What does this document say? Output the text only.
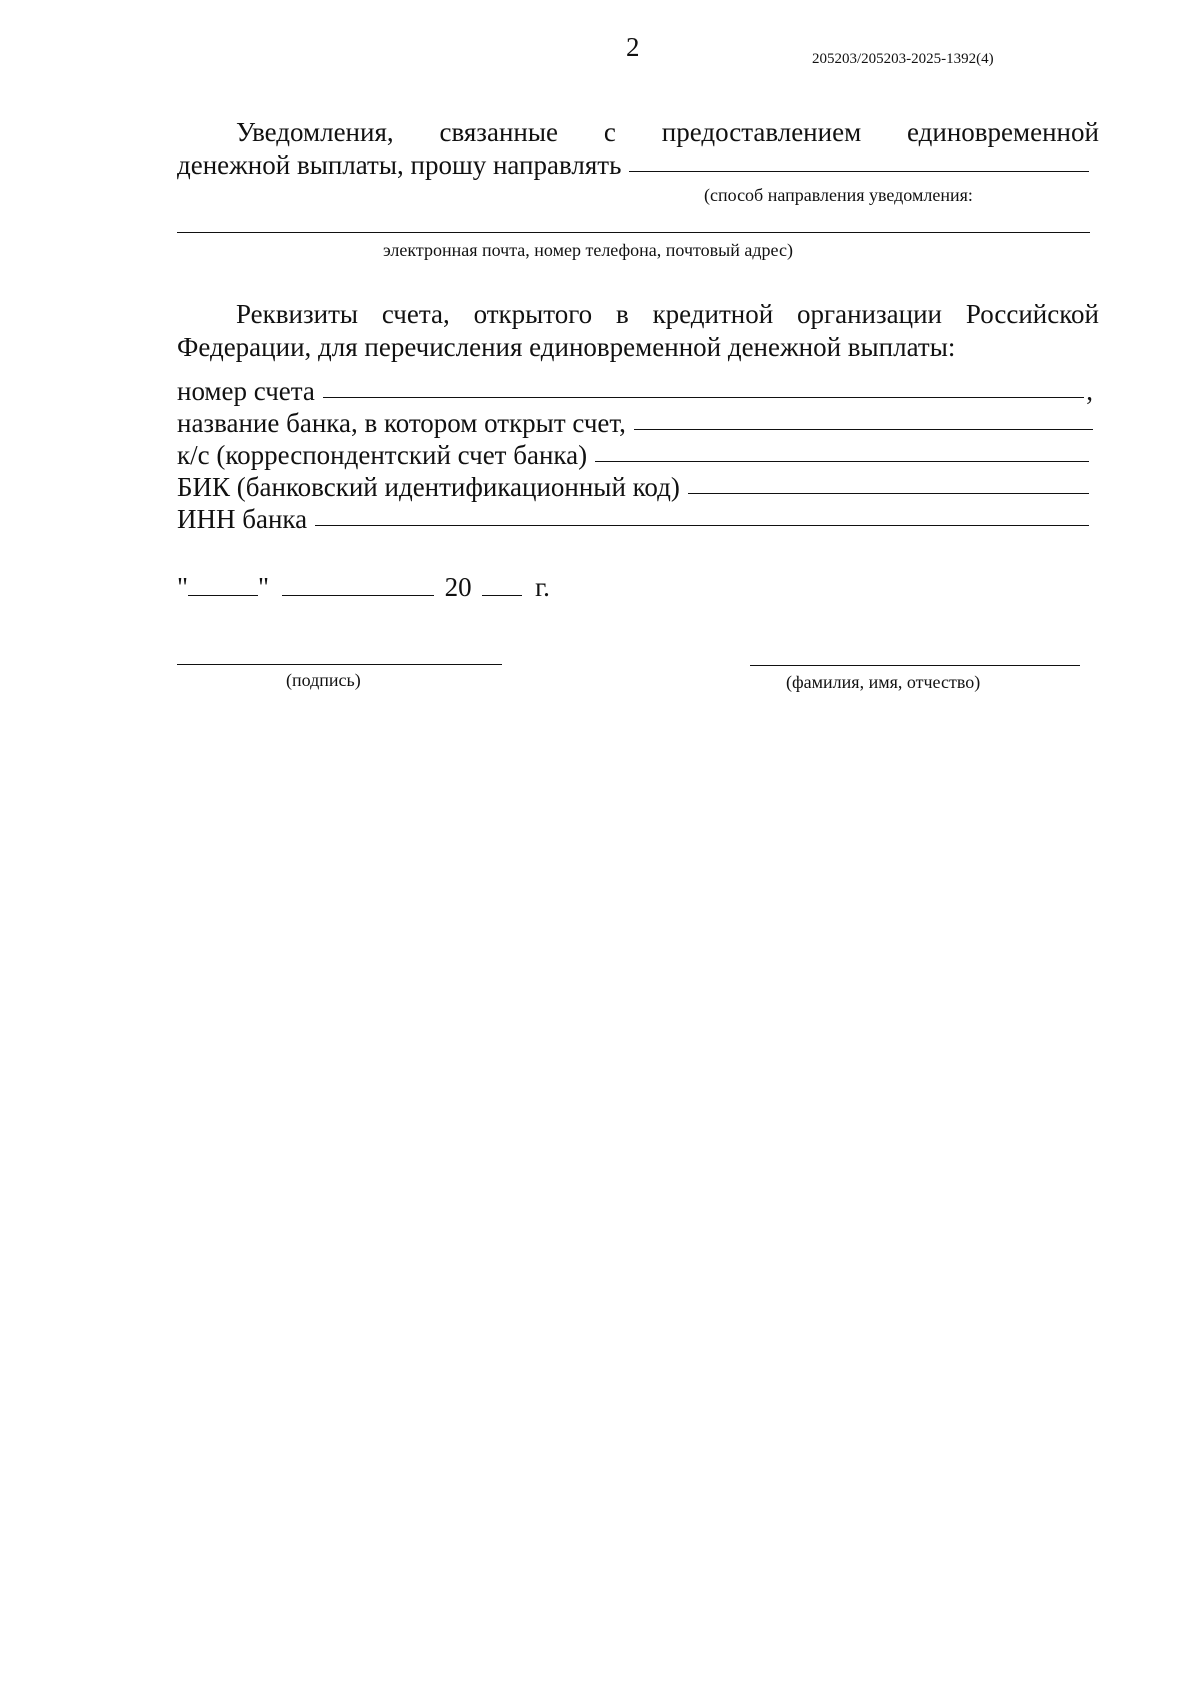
2	205203/205203-2025-1392(4)
Уведомления, связанные с предоставлением единовременной
денежной выплаты, прошу направлять
(способ направления уведомления:
электронная почта, номер телефона, почтовый адрес)
Реквизиты счета, открытого в кредитной организации Российской
Федерации, для перечисления единовременной денежной выплаты:
номер счета	,
название банка, в котором открыт счет,
к/с (корреспондентский счет банка)
БИК (банковский идентификационный код)
ИНН банка
"	"	20 г.
(подпись)	(фамилия, имя, отчество)
